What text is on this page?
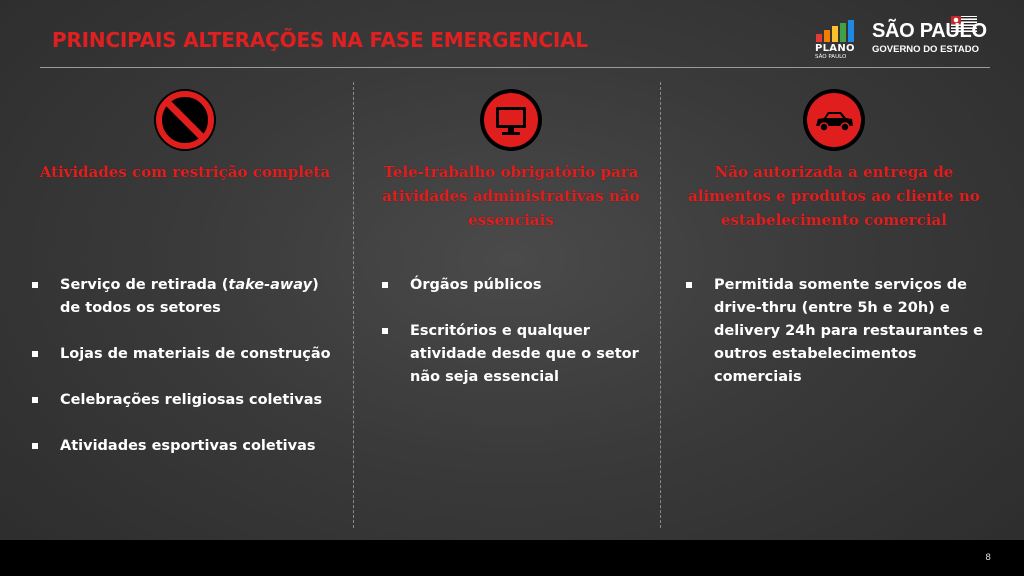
PRINCIPAIS ALTERAÇÕES NA FASE EMERGENCIAL	PLANO
SÃO PAULO
SÃO PAULO
GOVERNO DO ESTADO
Atividades com restrição completa
Serviço de retirada (take-away) de todos os setores
Lojas de materiais de construção
Celebrações religiosas coletivas
Atividades esportivas coletivas
Tele-trabalho obrigatório para atividades administrativas não essenciais
Órgãos públicos
Escritórios e qualquer atividade desde que o setor não seja essencial
Não autorizada a entrega de alimentos e produtos ao cliente no estabelecimento comercial
Permitida somente serviços de drive-thru (entre 5h e 20h) e delivery 24h para restaurantes e outros estabelecimentos comerciais
8
